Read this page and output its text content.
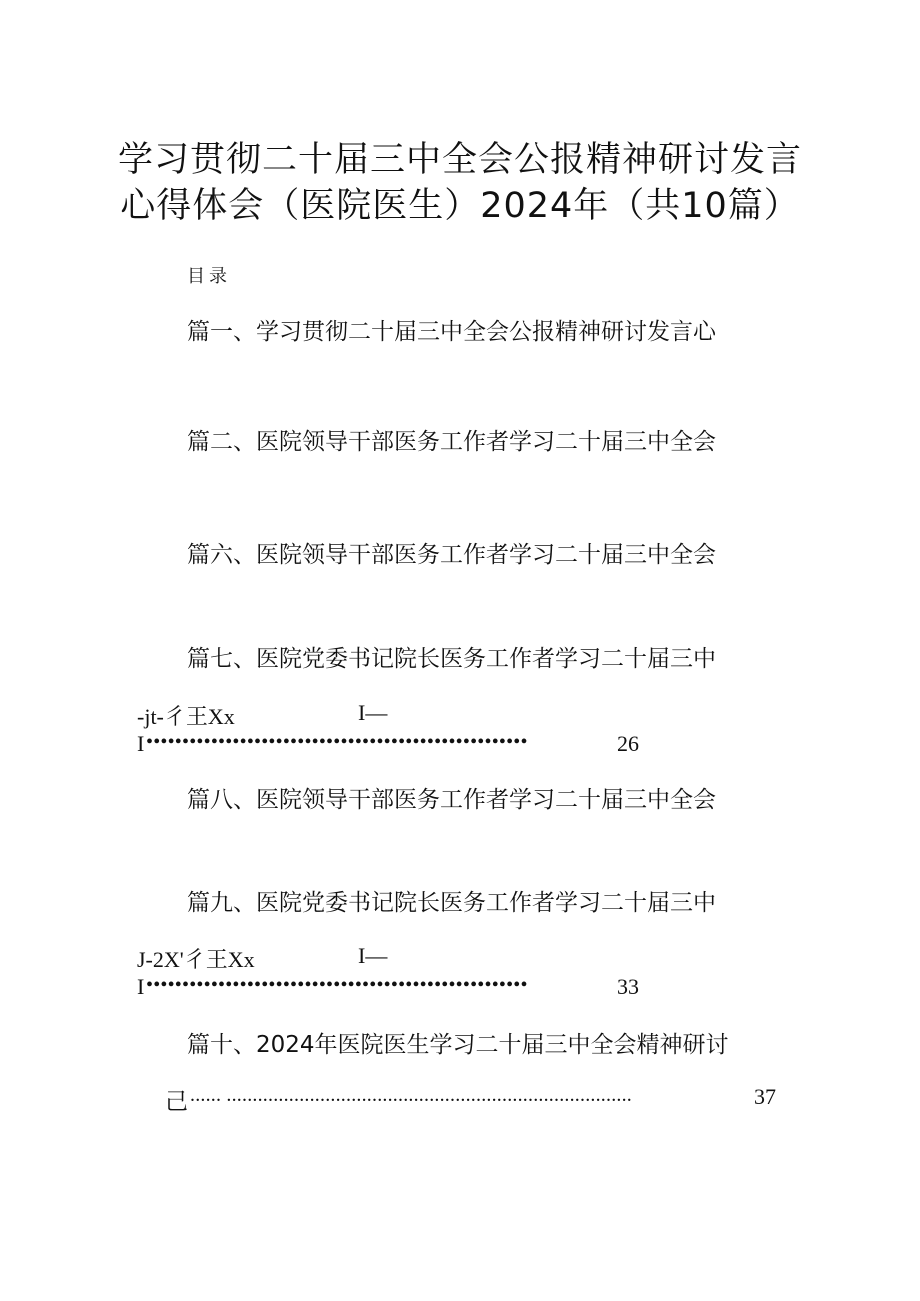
学习贯彻二十届三中全会公报精神研讨发言
心得体会（医院医生）2024年（共10篇）
目录
篇一、学习贯彻二十届三中全会公报精神研讨发言心
篇二、医院领导干部医务工作者学习二十届三中全会
篇六、医院领导干部医务工作者学习二十届三中全会
篇七、医院党委书记院长医务工作者学习二十届三中
-jt-彳王Xx	I—
I •••••••••••••••••••••••••••••••••••••••••••••••••••••	26
篇八、医院领导干部医务工作者学习二十届三中全会
篇九、医院党委书记院长医务工作者学习二十届三中
J-2X'彳王Xx	I—
I •••••••••••••••••••••••••••••••••••••••••••••••••••••	33
篇十、2024年医院医生学习二十届三中全会精神研讨
己 ...... ..............................................................................	37
